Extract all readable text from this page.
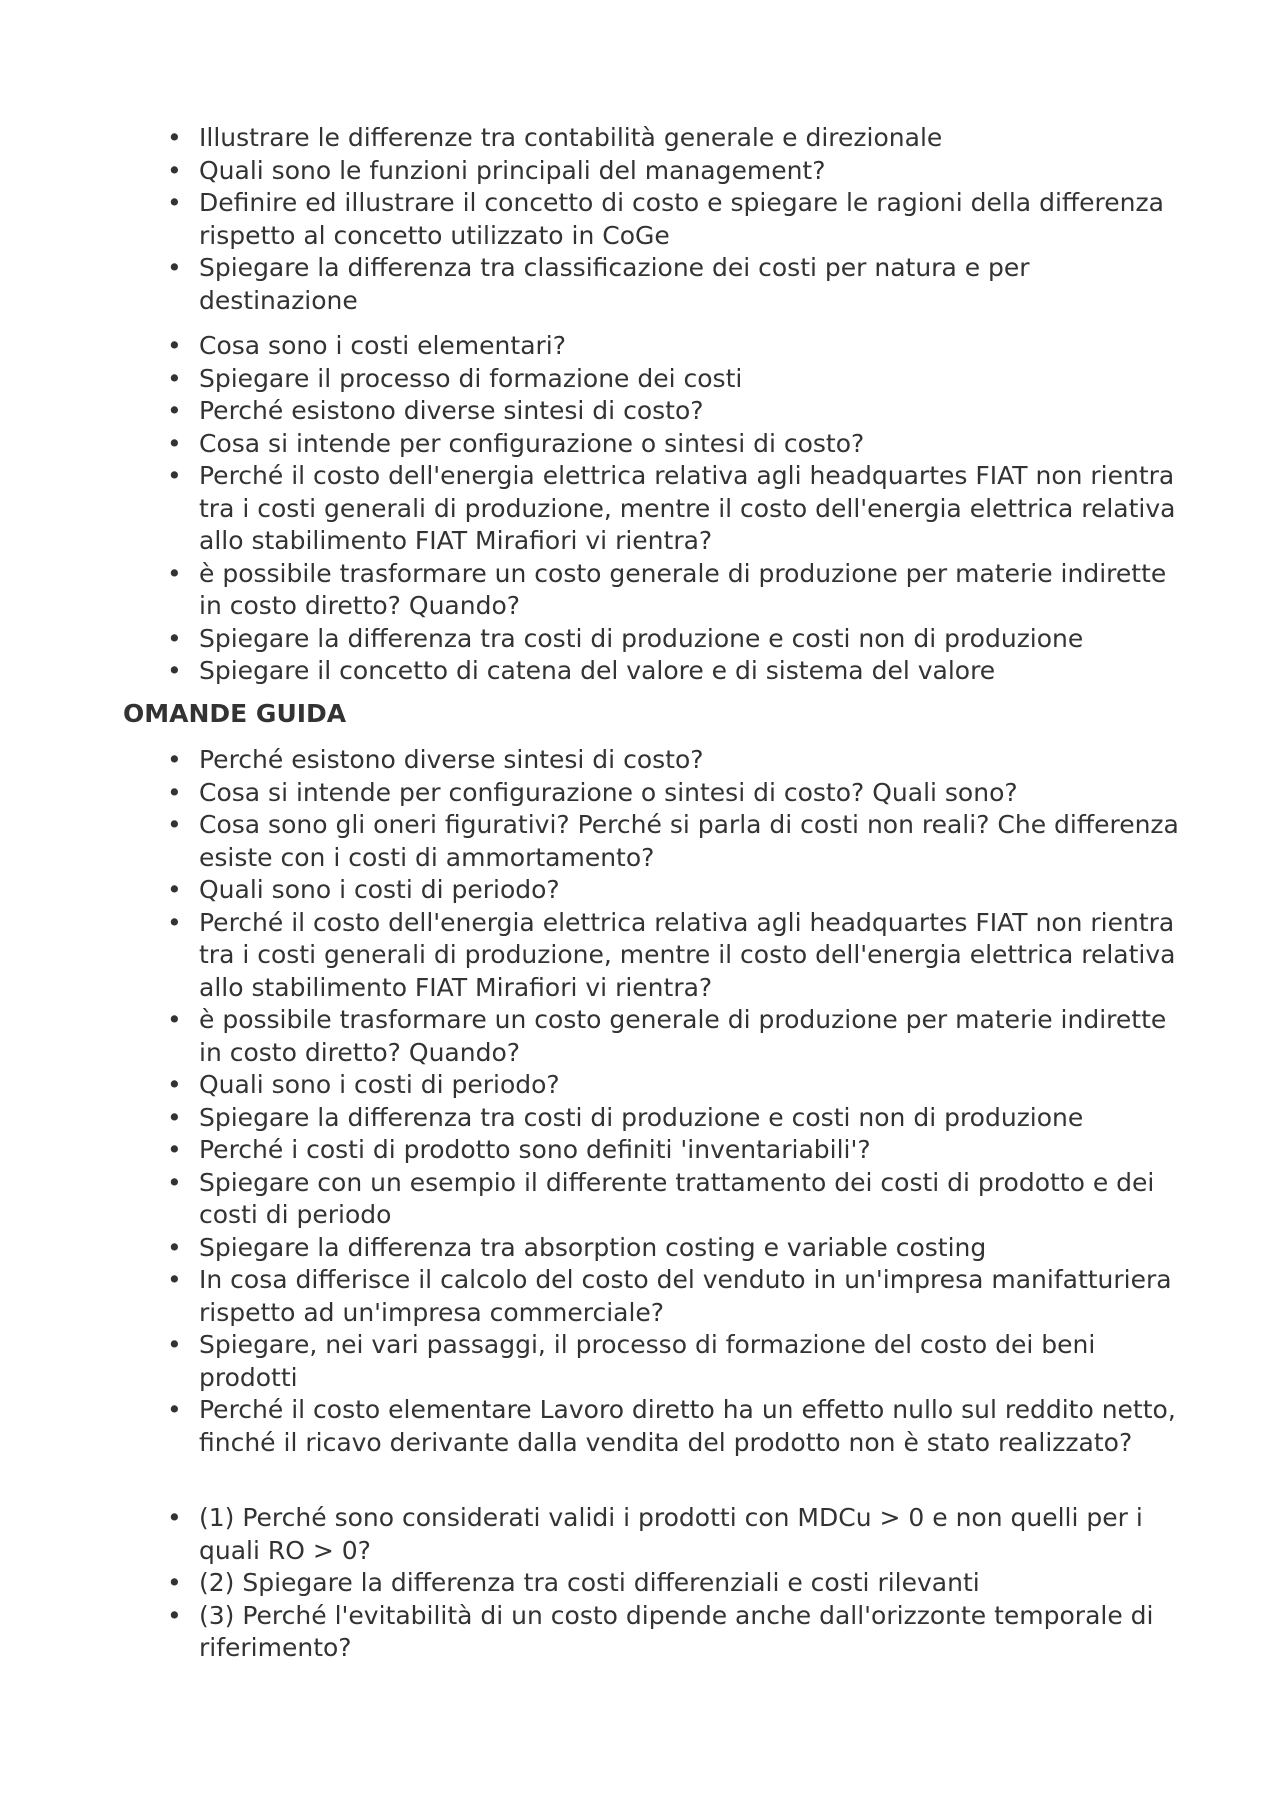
• Illustrare le differenze tra contabilità generale e direzionale
• Quali sono le funzioni principali del management?
• Definire ed illustrare il concetto di costo e spiegare le ragioni della differenza rispetto al concetto utilizzato in CoGe
• Spiegare la differenza tra classificazione dei costi per natura e per destinazione
• Cosa sono i costi elementari?
• Spiegare il processo di formazione dei costi
• Perché esistono diverse sintesi di costo?
• Cosa si intende per configurazione o sintesi di costo?
• Perché il costo dell'energia elettrica relativa agli headquartes FIAT non rientra tra i costi generali di produzione, mentre il costo dell'energia elettrica relativa allo stabilimento FIAT Mirafiori vi rientra?
• è possibile trasformare un costo generale di produzione per materie indirette in costo diretto? Quando?
• Spiegare la differenza tra costi di produzione e costi non di produzione
• Spiegare il concetto di catena del valore e di sistema del valore
OMANDE GUIDA
• Perché esistono diverse sintesi di costo?
• Cosa si intende per configurazione o sintesi di costo? Quali sono?
• Cosa sono gli oneri figurativi? Perché si parla di costi non reali? Che differenza esiste con i costi di ammortamento?
• Quali sono i costi di periodo?
• Perché il costo dell'energia elettrica relativa agli headquartes FIAT non rientra tra i costi generali di produzione, mentre il costo dell'energia elettrica relativa allo stabilimento FIAT Mirafiori vi rientra?
• è possibile trasformare un costo generale di produzione per materie indirette in costo diretto? Quando?
• Quali sono i costi di periodo?
• Spiegare la differenza tra costi di produzione e costi non di produzione
• Perché i costi di prodotto sono definiti 'inventariabili'?
• Spiegare con un esempio il differente trattamento dei costi di prodotto e dei costi di periodo
• Spiegare la differenza tra absorption costing e variable costing
• In cosa differisce il calcolo del costo del venduto in un'impresa manifatturiera rispetto ad un'impresa commerciale?
• Spiegare, nei vari passaggi, il processo di formazione del costo dei beni prodotti
• Perché il costo elementare Lavoro diretto ha un effetto nullo sul reddito netto, finché il ricavo derivante dalla vendita del prodotto non è stato realizzato?
• (1) Perché sono considerati validi i prodotti con MDCu > 0 e non quelli per i quali RO > 0?
• (2) Spiegare la differenza tra costi differenziali e costi rilevanti
• (3) Perché l'evitabilità di un costo dipende anche dall'orizzonte temporale di riferimento?
